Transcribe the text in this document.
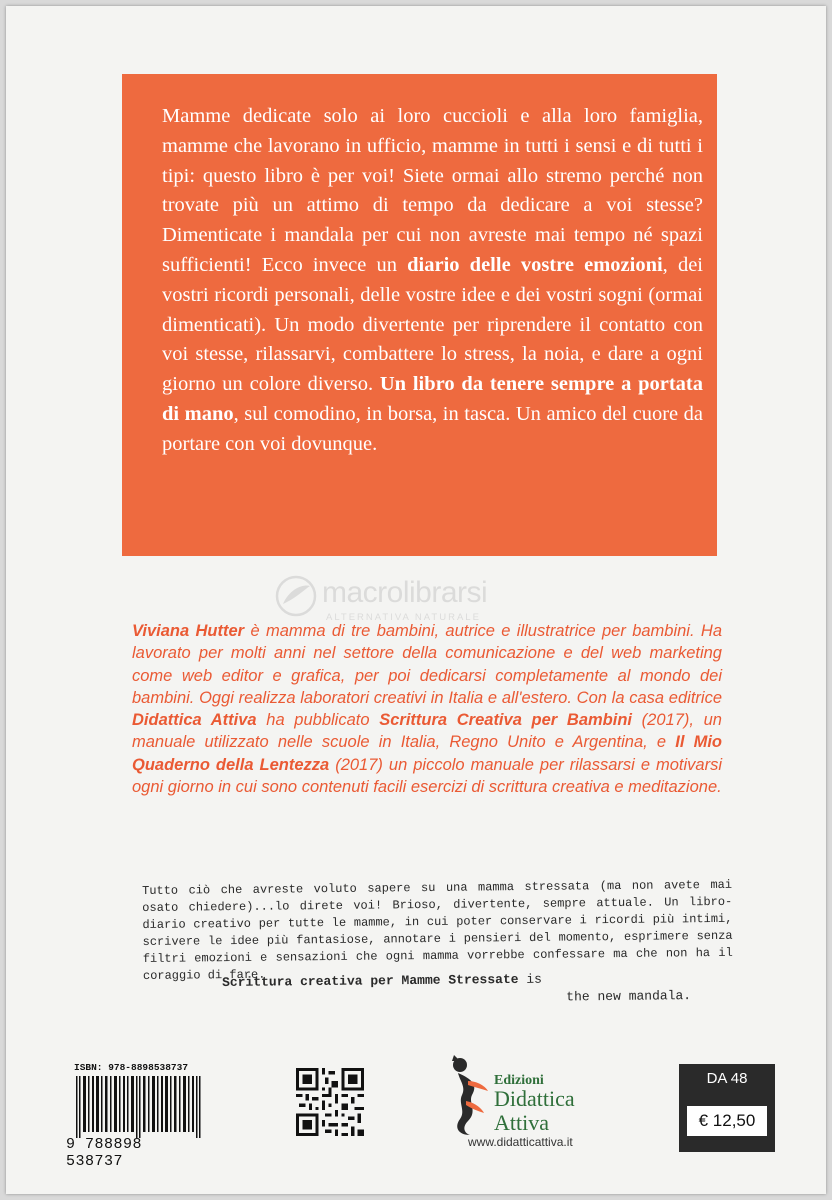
Mamme dedicate solo ai loro cuccioli e alla loro famiglia, mamme che lavorano in ufficio, mamme in tutti i sensi e di tutti i tipi: questo libro è per voi! Siete ormai allo stremo perché non trovate più un attimo di tempo da dedicare a voi stesse? Dimenticate i mandala per cui non avreste mai tempo né spazi sufficienti! Ecco invece un diario delle vostre emozioni, dei vostri ricordi personali, delle vostre idee e dei vostri sogni (ormai dimenticati). Un modo divertente per riprendere il contatto con voi stesse, rilassarvi, combattere lo stress, la noia, e dare a ogni giorno un colore diverso. Un libro da tenere sempre a portata di mano, sul comodino, in borsa, in tasca. Un amico del cuore da portare con voi dovunque.

macrolibrarsi
ALTERNATIVA NATURALE

Viviana Hutter è mamma di tre bambini, autrice e illustratrice per bambini. Ha lavorato per molti anni nel settore della comunicazione e del web marketing come web editor e grafica, per poi dedicarsi completamente al mondo dei bambini. Oggi realizza laboratori creativi in Italia e all'estero. Con la casa editrice Didattica Attiva ha pubblicato Scrittura Creativa per Bambini (2017), un manuale utilizzato nelle scuole in Italia, Regno Unito e Argentina, e Il Mio Quaderno della Lentezza (2017) un piccolo manuale per rilassarsi e motivarsi ogni giorno in cui sono contenuti facili esercizi di scrittura creativa e meditazione.

Tutto ciò che avreste voluto sapere su una mamma stressata (ma non avete mai osato chiedere)...lo direte voi! Brioso, divertente, sempre attuale. Un libro-diario creativo per tutte le mamme, in cui poter conservare i ricordi più intimi, scrivere le idee più fantasiose, annotare i pensieri del momento, esprimere senza filtri emozioni e sensazioni che ogni mamma vorrebbe confessare ma che non ha il coraggio di fare.

Scrittura creativa per Mamme Stressate is
the new mandala.
ISBN: 978-8898538737
9 788898 538737
Edizioni
Didattica
Attiva
www.didatticattiva.it
DA 48
€ 12,50
